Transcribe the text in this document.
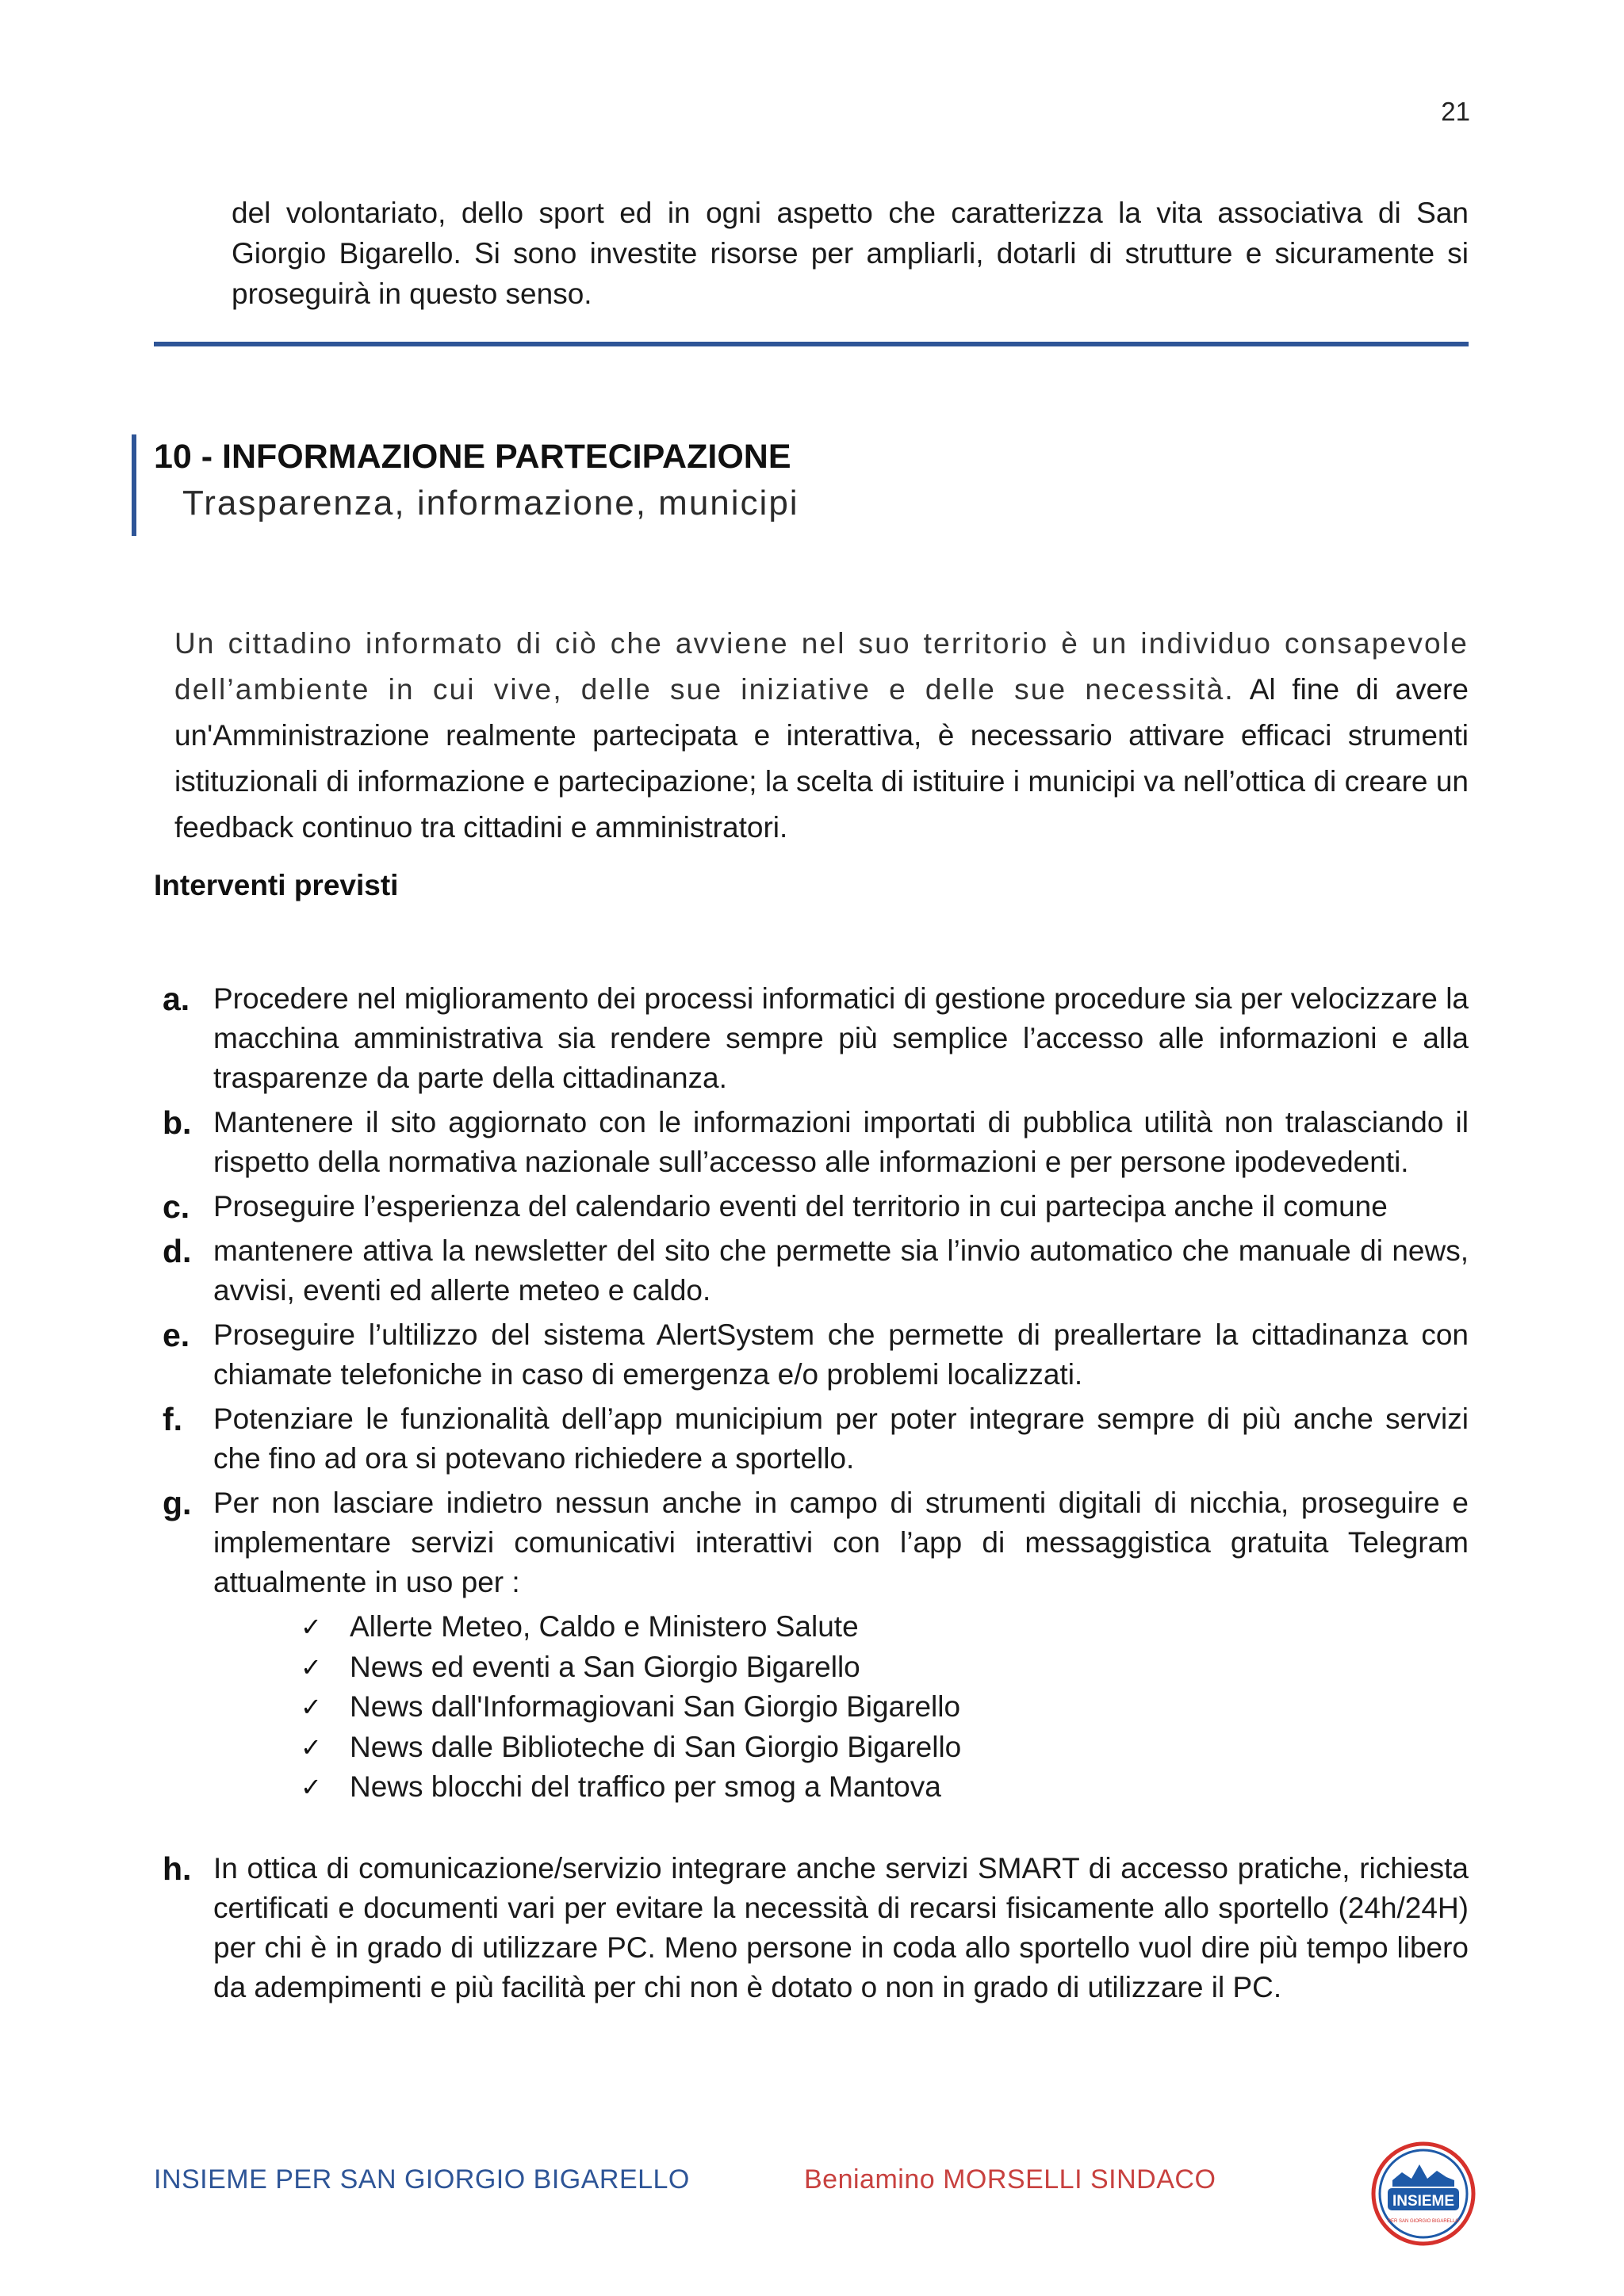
21

del volontariato, dello sport ed in ogni aspetto che caratterizza la vita associativa di San Giorgio Bigarello. Si sono investite risorse per ampliarli, dotarli di strutture e sicuramente si proseguirà in questo senso.

10 - INFORMAZIONE PARTECIPAZIONE
Trasparenza, informazione, municipi

Un cittadino informato di ciò che avviene nel suo territorio è un individuo consapevole dell’ambiente in cui vive, delle sue iniziative e delle sue necessità. Al fine di avere un'Amministrazione realmente partecipata e interattiva, è necessario attivare efficaci strumenti istituzionali di informazione e partecipazione; la scelta di istituire i municipi va nell’ottica di creare un feedback continuo tra cittadini e amministratori.

Interventi previsti
a. Procedere nel miglioramento dei processi informatici di gestione procedure sia per velocizzare la macchina amministrativa sia rendere sempre più semplice l’accesso alle informazioni e alla trasparenze da parte della cittadinanza.
b. Mantenere il sito aggiornato con le informazioni importati di pubblica utilità non tralasciando il rispetto della normativa nazionale sull’accesso alle informazioni e per persone ipodevedenti.
c. Proseguire l’esperienza del calendario eventi del territorio in cui partecipa anche il comune
d. mantenere attiva la newsletter del sito che permette sia l’invio automatico che manuale di news, avvisi, eventi ed allerte meteo e caldo.
e. Proseguire l’ultilizzo del sistema AlertSystem che permette di preallertare la cittadinanza con chiamate telefoniche in caso di emergenza e/o problemi localizzati.
f.	Potenziare le funzionalità dell’app municipium per poter integrare sempre di più anche servizi che fino ad ora si potevano richiedere a sportello.
g. Per non lasciare indietro nessun anche in campo di strumenti digitali di nicchia, proseguire e implementare servizi comunicativi interattivi con l’app di messaggistica gratuita Telegram attualmente in uso per :
✓ Allerte Meteo, Caldo e Ministero Salute
✓ News ed eventi a San Giorgio Bigarello
✓ News dall'Informagiovani San Giorgio Bigarello
✓ News dalle Biblioteche di San Giorgio Bigarello
✓ News blocchi del traffico per smog a Mantova
h. In ottica di comunicazione/servizio integrare anche servizi SMART di accesso pratiche, richiesta certificati e documenti vari per evitare la necessità di recarsi fisicamente allo sportello (24h/24H) per chi è in grado di utilizzare PC. Meno persone in coda allo sportello vuol dire più tempo libero da adempimenti e più facilità per chi non è dotato o non in grado di utilizzare il PC.
INSIEME PER SAN GIORGIO BIGARELLO	Beniamino MORSELLI SINDACO
INSIEME
PER SAN GIORGIO BIGARELLO
